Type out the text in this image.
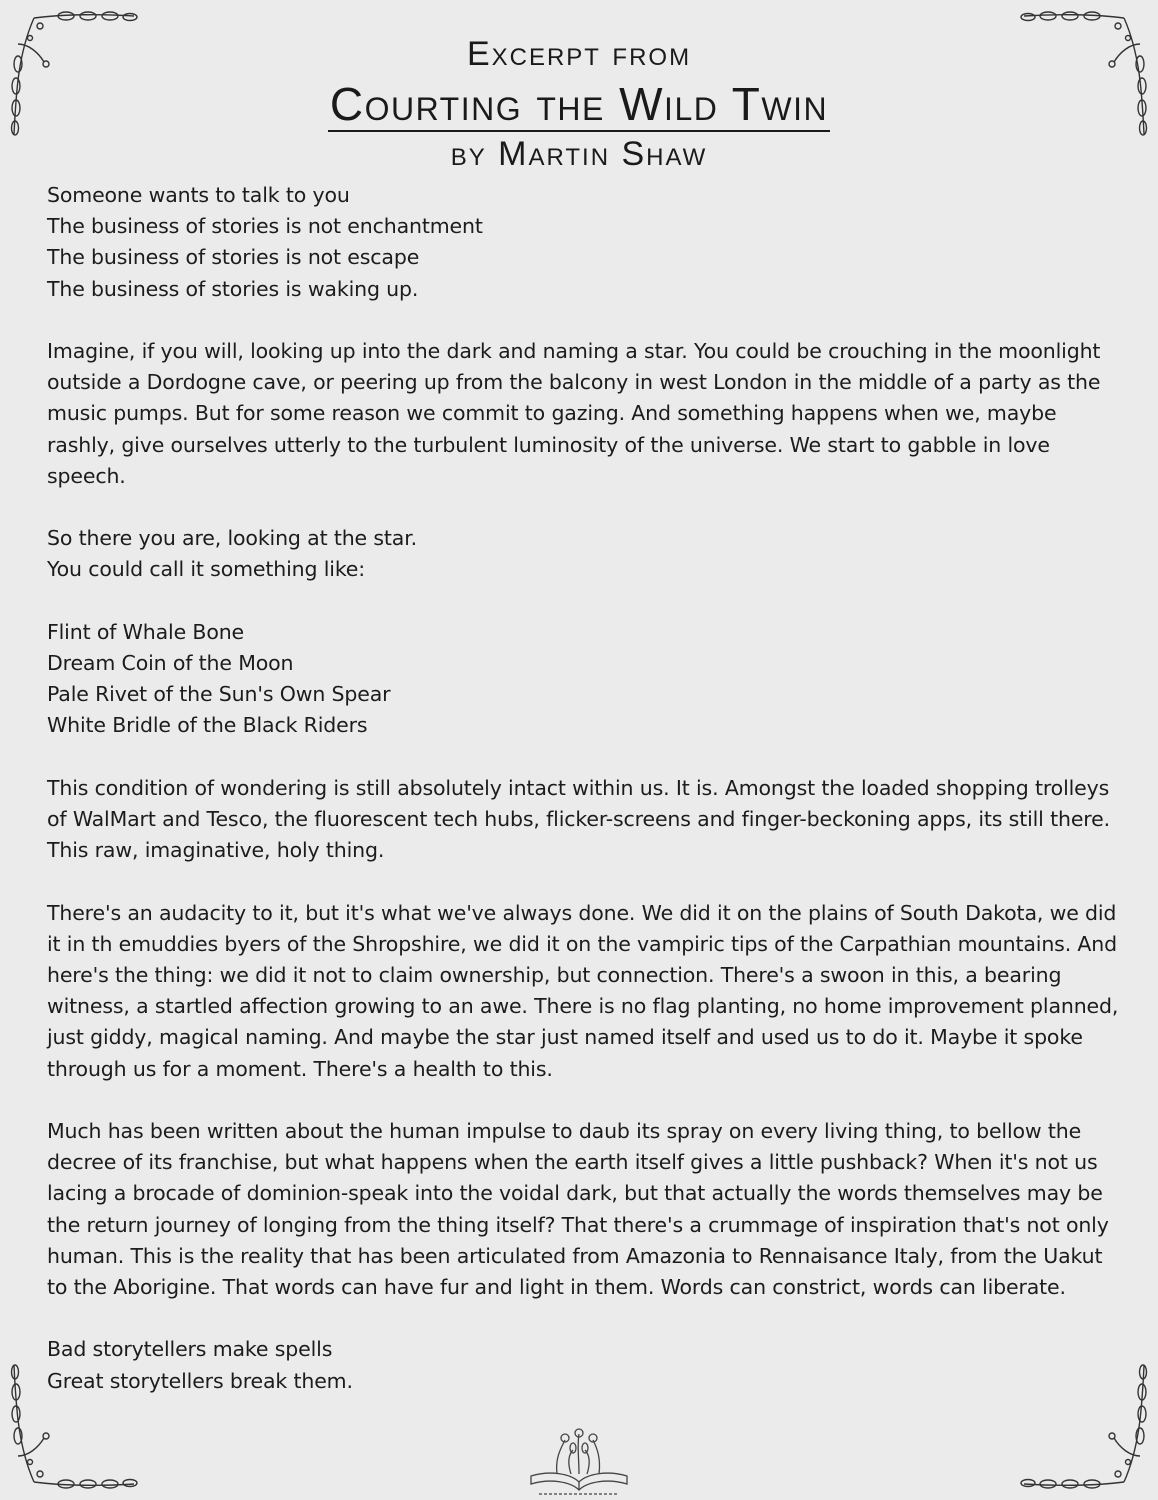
Excerpt from
Courting the Wild Twin
by Martin Shaw

Someone wants to talk to you
The business of stories is not enchantment
The business of stories is not escape
The business of stories is waking up.

Imagine, if you will, looking up into the dark and naming a star. You could be crouching in the moonlight outside a Dordogne cave, or peering up from the balcony in west London in the middle of a party as the music pumps. But for some reason we commit to gazing. And something happens when we, maybe rashly, give ourselves utterly to the turbulent luminosity of the universe. We start to gabble in love speech.

So there you are, looking at the star.
You could call it something like:

Flint of Whale Bone
Dream Coin of the Moon
Pale Rivet of the Sun's Own Spear
White Bridle of the Black Riders

This condition of wondering is still absolutely intact within us. It is. Amongst the loaded shopping trolleys of WalMart and Tesco, the fluorescent tech hubs, flicker-screens and finger-beckoning apps, its still there. This raw, imaginative, holy thing.

There's an audacity to it, but it's what we've always done. We did it on the plains of South Dakota, we did it in th emuddies byers of the Shropshire, we did it on the vampiric tips of the Carpathian mountains. And here's the thing: we did it not to claim ownership, but connection. There's a swoon in this, a bearing witness, a startled affection growing to an awe. There is no flag planting, no home improvement planned, just giddy, magical naming. And maybe the star just named itself and used us to do it. Maybe it spoke through us for a moment. There's a health to this.

Much has been written about the human impulse to daub its spray on every living thing, to bellow the decree of its franchise, but what happens when the earth itself gives a little pushback? When it's not us lacing a brocade of dominion-speak into the voidal dark, but that actually the words themselves may be the return journey of longing from the thing itself? That there's a crummage of inspiration that's not only human. This is the reality that has been articulated from Amazonia to Rennaisance Italy, from the Uakut to the Aborigine. That words can have fur and light in them. Words can constrict, words can liberate.

Bad storytellers make spells
Great storytellers break them.
